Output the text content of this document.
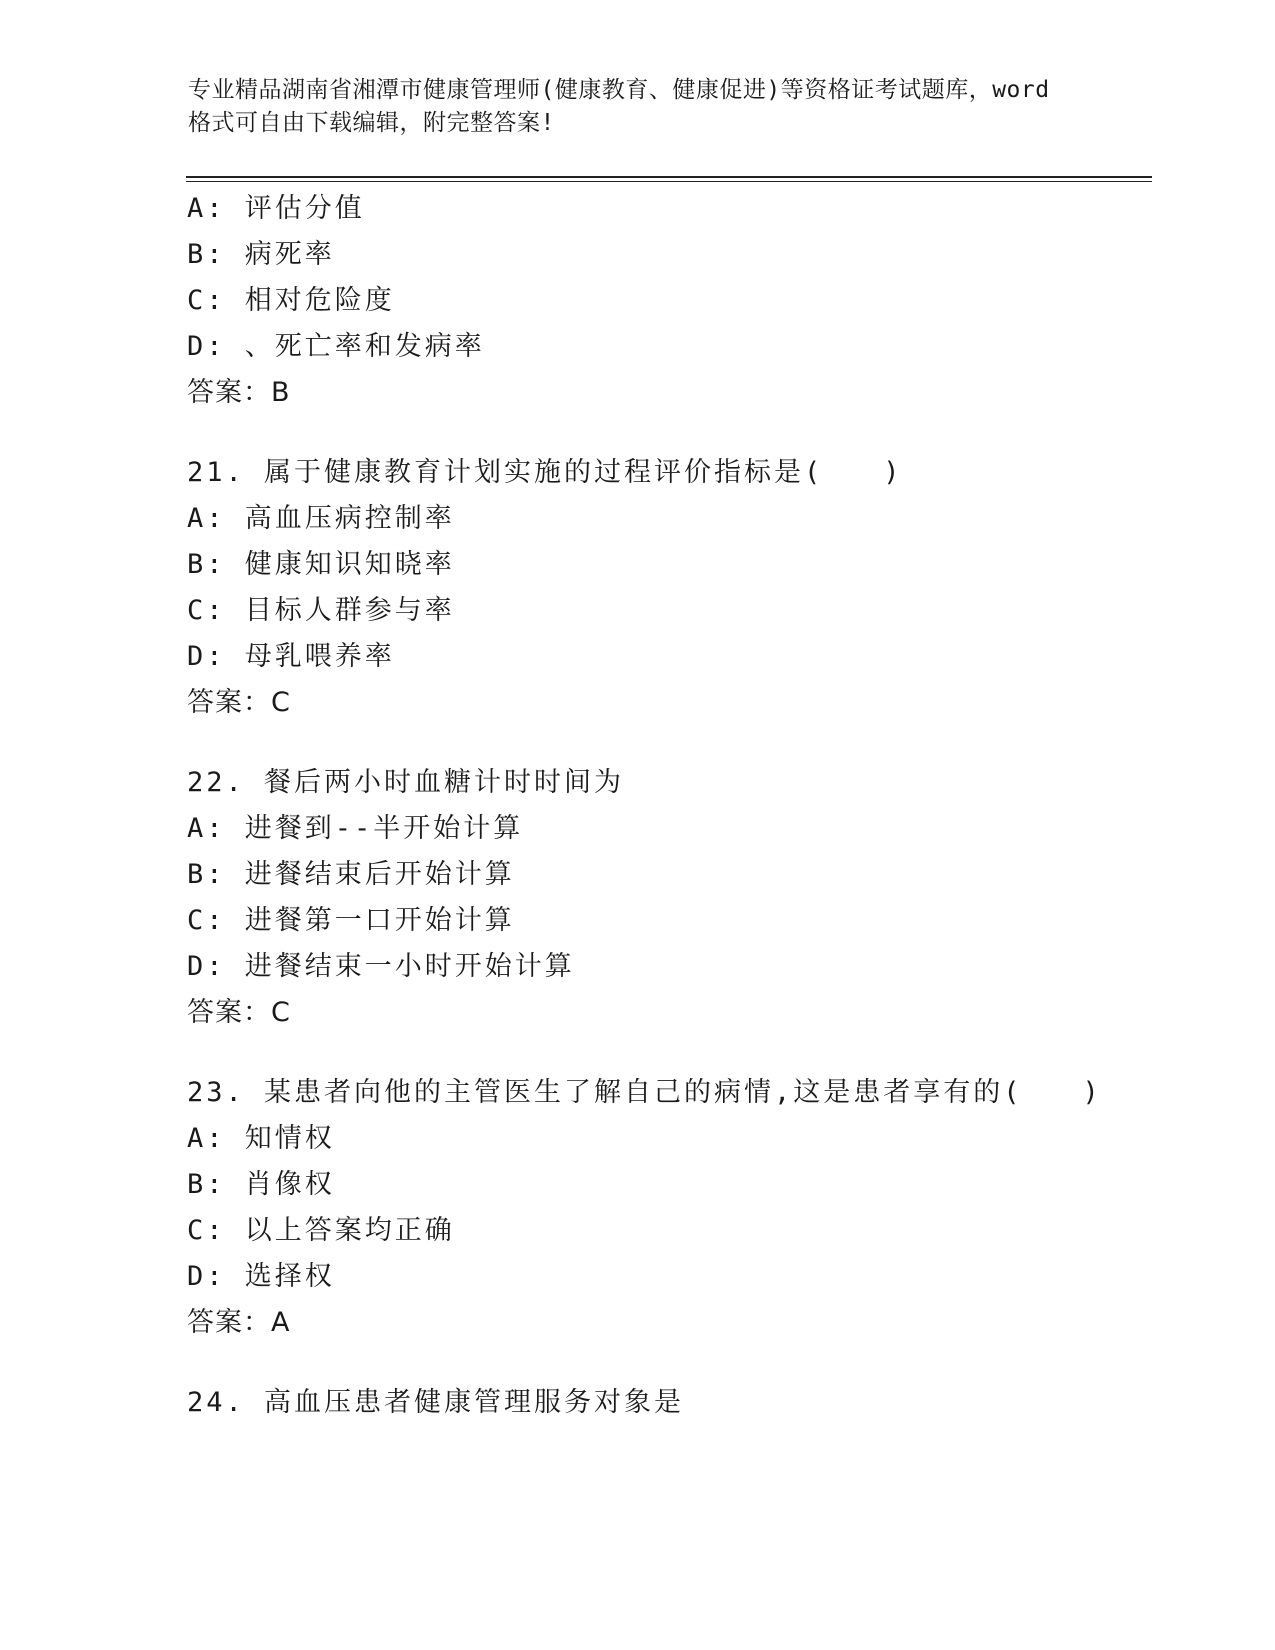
专业精品湖南省湘潭市健康管理师(健康教育、健康促进)等资格证考试题库，word
格式可自由下载编辑，附完整答案!
A: 评估分值
B: 病死率
C: 相对危险度
D: 、死亡率和发病率
答案：B
21. 属于健康教育计划实施的过程评价指标是(　　)
A: 高血压病控制率
B: 健康知识知晓率
C: 目标人群参与率
D: 母乳喂养率
答案：C
22. 餐后两小时血糖计时时间为
A: 进餐到--半开始计算
B: 进餐结束后开始计算
C: 进餐第一口开始计算
D: 进餐结束一小时开始计算
答案：C
23. 某患者向他的主管医生了解自己的病情,这是患者享有的(　　)
A: 知情权
B: 肖像权
C: 以上答案均正确
D: 选择权
答案：A
24. 高血压患者健康管理服务对象是
